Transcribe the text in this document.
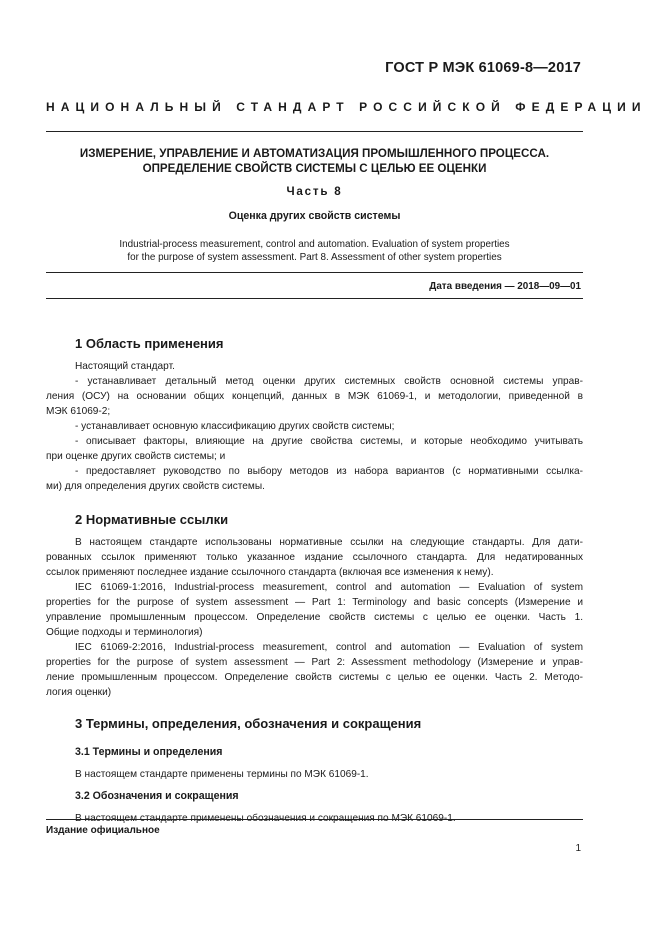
ГОСТ Р МЭК 61069-8—2017
НАЦИОНАЛЬНЫЙ СТАНДАРТ РОССИЙСКОЙ ФЕДЕРАЦИИ
ИЗМЕРЕНИЕ, УПРАВЛЕНИЕ И АВТОМАТИЗАЦИЯ ПРОМЫШЛЕННОГО ПРОЦЕССА.
ОПРЕДЕЛЕНИЕ СВОЙСТВ СИСТЕМЫ С ЦЕЛЬЮ ЕЕ ОЦЕНКИ
Часть 8
Оценка других свойств системы
Industrial-process measurement, control and automation. Evaluation of system properties
for the purpose of system assessment. Part 8. Assessment of other system properties
Дата введения — 2018—09—01
1 Область применения
Настоящий стандарт.
- устанавливает детальный метод оценки других системных свойств основной системы управ-
ления (ОСУ) на основании общих концепций, данных в МЭК 61069-1, и методологии, приведенной в
МЭК 61069-2;
- устанавливает основную классификацию других свойств системы;
- описывает факторы, влияющие на другие свойства системы, и которые необходимо учитывать
при оценке других свойств системы; и
- предоставляет руководство по выбору методов из набора вариантов (с нормативными ссылка-
ми) для определения других свойств системы.
2 Нормативные ссылки
В настоящем стандарте использованы нормативные ссылки на следующие стандарты. Для дати-
рованных ссылок применяют только указанное издание ссылочного стандарта. Для недатированных
ссылок применяют последнее издание ссылочного стандарта (включая все изменения к нему).
IEC 61069-1:2016, Industrial-process measurement, control and automation — Evaluation of system
properties for the purpose of system assessment — Part 1: Terminology and basic concepts (Измерение и
управление промышленным процессом. Определение свойств системы с целью ее оценки. Часть 1.
Общие подходы и терминология)
IEC 61069-2:2016, Industrial-process measurement, control and automation — Evaluation of system
properties for the purpose of system assessment — Part 2: Assessment methodology (Измерение и управ-
ление промышленным процессом. Определение свойств системы с целью ее оценки. Часть 2. Методо-
логия оценки)
3 Термины, определения, обозначения и сокращения
3.1 Термины и определения
В настоящем стандарте применены термины по МЭК 61069-1.
3.2 Обозначения и сокращения
В настоящем стандарте применены обозначения и сокращения по МЭК 61069-1.
Издание официальное
1
